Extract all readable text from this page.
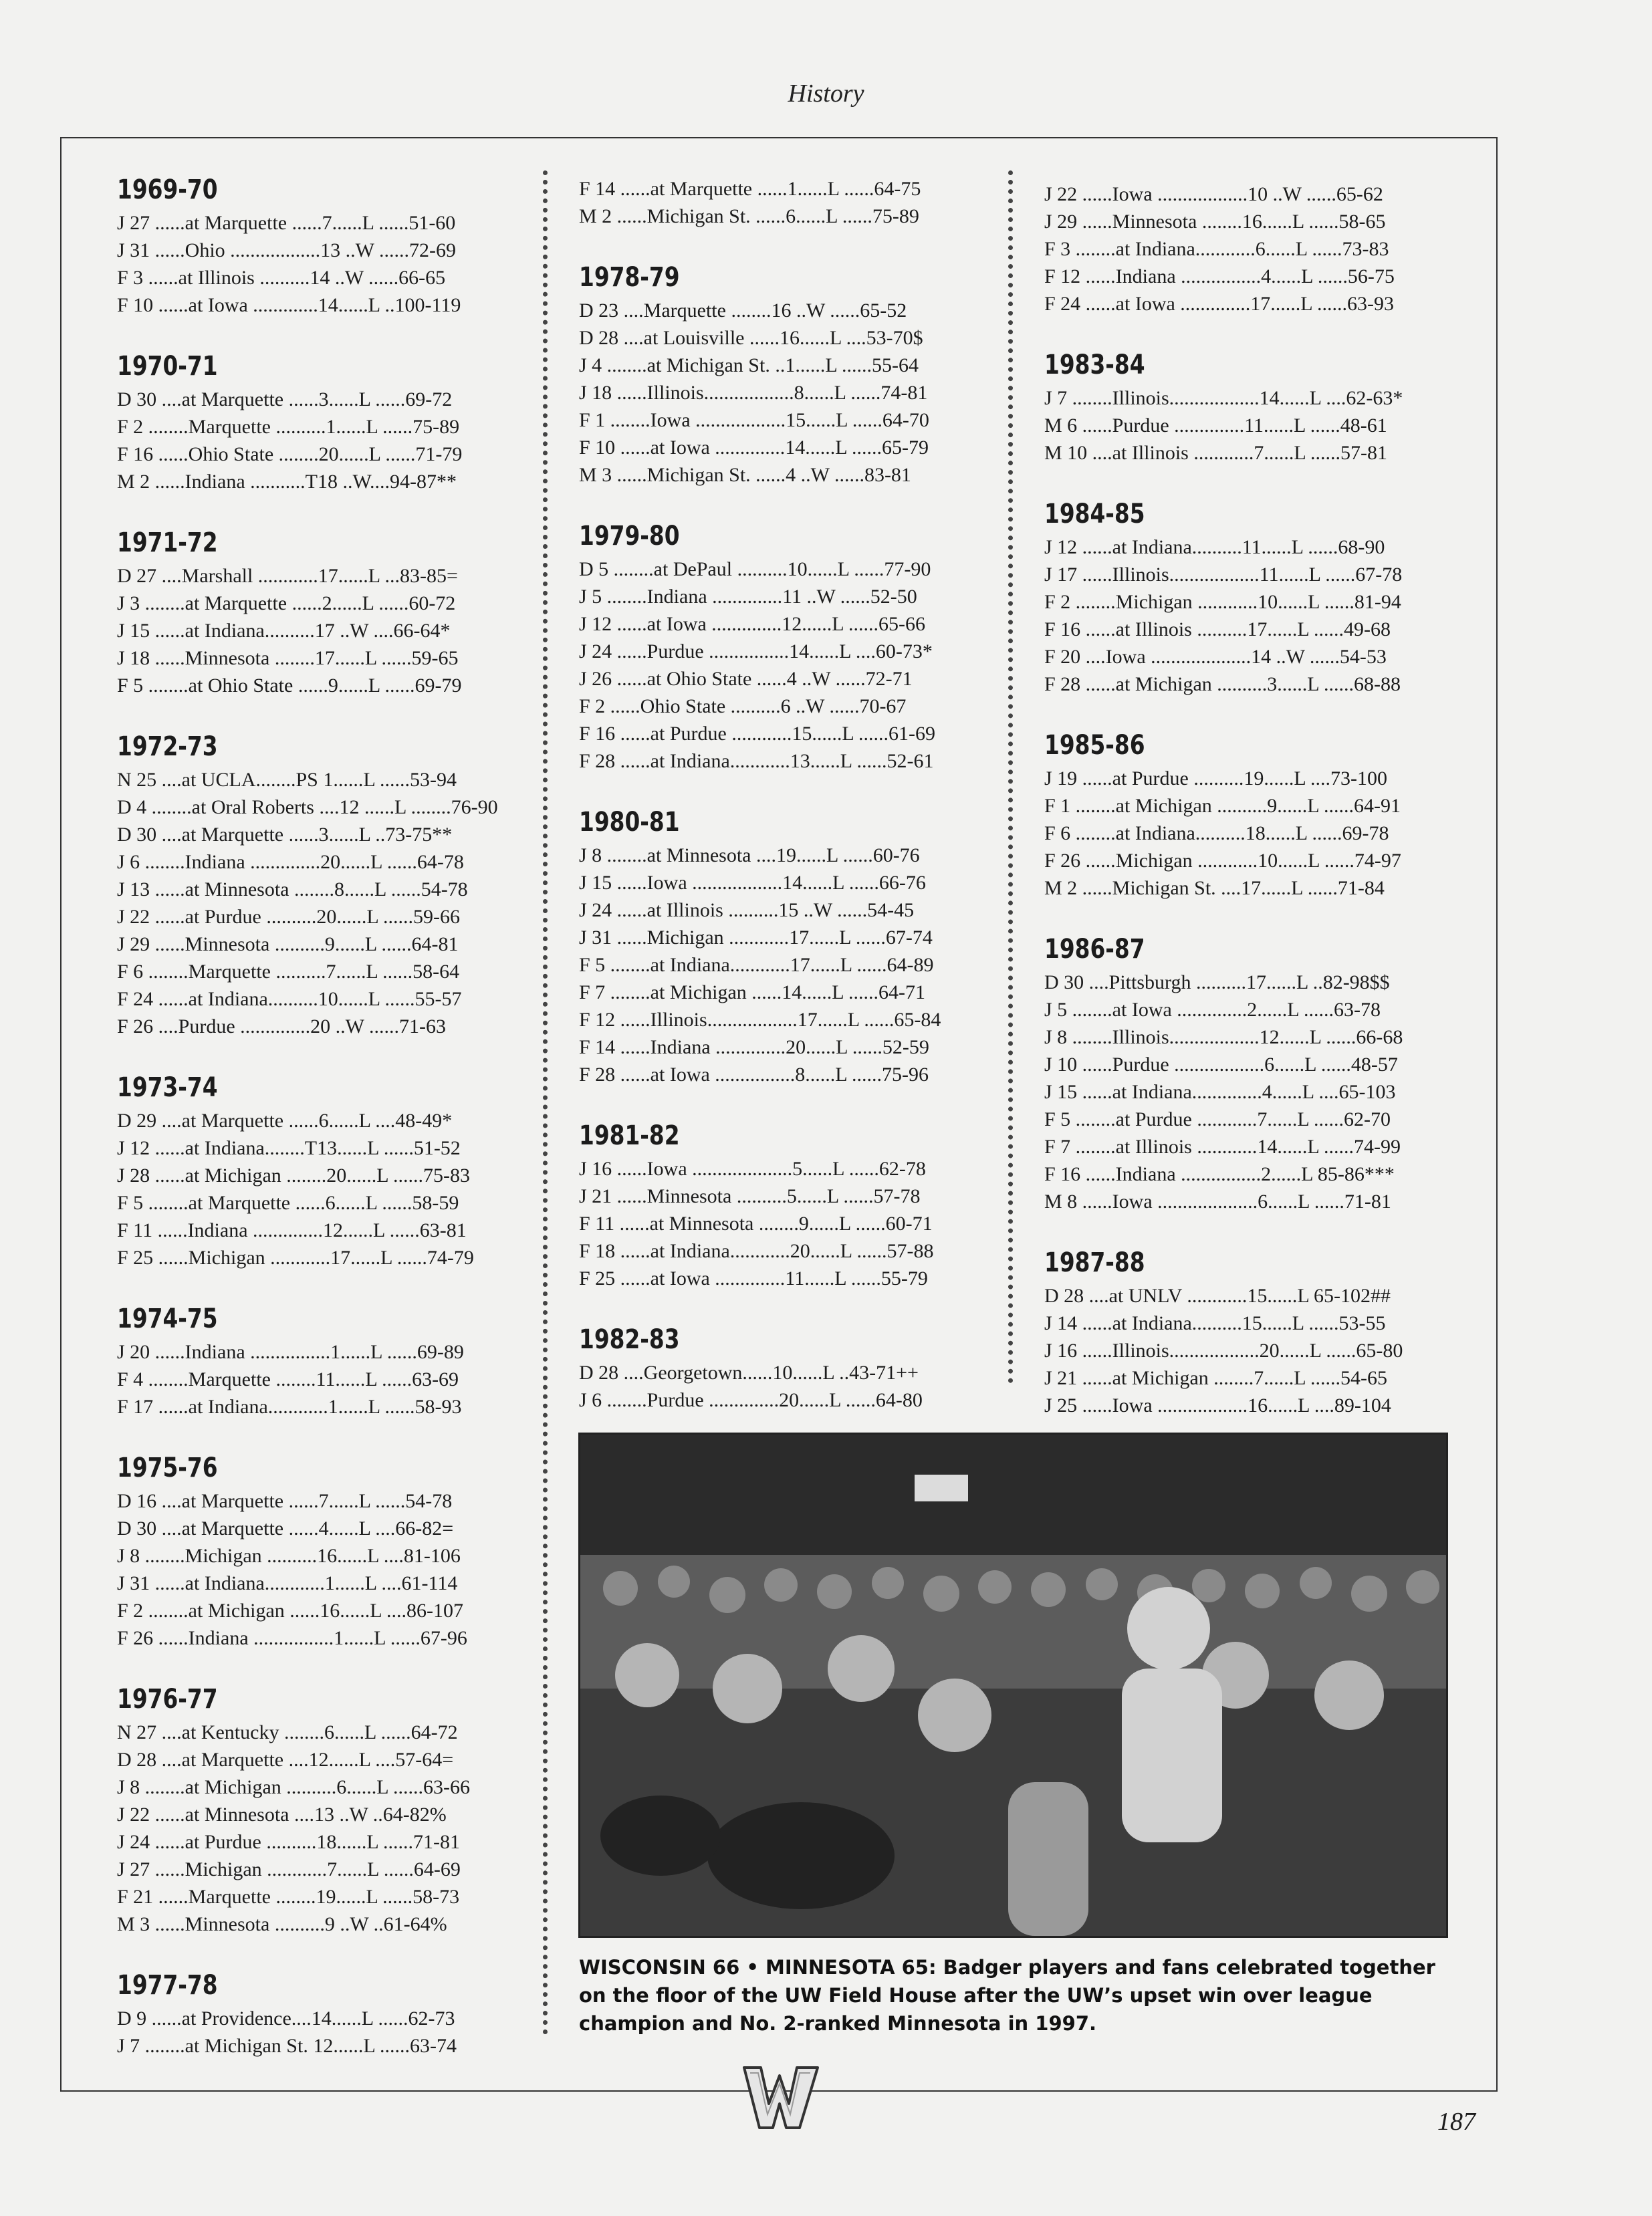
History
1969-70
J 27 ......at Marquette ......7......L ......51-60
J 31 ......Ohio ..................13 ..W ......72-69
F 3 ......at Illinois ..........14 ..W ......66-65
F 10 ......at Iowa .............14......L ..100-119
1970-71
D 30 ....at Marquette ......3......L ......69-72
F 2 ........Marquette ..........1......L ......75-89
F 16 ......Ohio State ........20......L ......71-79
M 2 ......Indiana ...........T18 ..W....94-87**
1971-72
D 27 ....Marshall ............17......L ...83-85=
J 3 ........at Marquette ......2......L ......60-72
J 15 ......at Indiana..........17 ..W ....66-64*
J 18 ......Minnesota ........17......L ......59-65
F 5 ........at Ohio State ......9......L ......69-79
1972-73
N 25 ....at UCLA........PS 1......L ......53-94
D 4 ........at Oral Roberts ....12 ......L ........76-90
D 30 ....at Marquette ......3......L ..73-75**
J 6 ........Indiana ..............20......L ......64-78
J 13 ......at Minnesota ........8......L ......54-78
J 22 ......at Purdue ..........20......L ......59-66
J 29 ......Minnesota ..........9......L ......64-81
F 6 ........Marquette ..........7......L ......58-64
F 24 ......at Indiana..........10......L ......55-57
F 26 ....Purdue ..............20 ..W ......71-63
1973-74
D 29 ....at Marquette ......6......L ....48-49*
J 12 ......at Indiana........T13......L ......51-52
J 28 ......at Michigan ........20......L ......75-83
F 5 ........at Marquette ......6......L ......58-59
F 11 ......Indiana ..............12......L ......63-81
F 25 ......Michigan ............17......L ......74-79
1974-75
J 20 ......Indiana ................1......L ......69-89
F 4 ........Marquette ........11......L ......63-69
F 17 ......at Indiana............1......L ......58-93
1975-76
D 16 ....at Marquette ......7......L ......54-78
D 30 ....at Marquette ......4......L ....66-82=
J 8 ........Michigan ..........16......L ....81-106
J 31 ......at Indiana............1......L ....61-114
F 2 ........at Michigan ......16......L ....86-107
F 26 ......Indiana ................1......L ......67-96
1976-77
N 27 ....at Kentucky ........6......L ......64-72
D 28 ....at Marquette ....12......L ....57-64=
J 8 ........at Michigan ..........6......L ......63-66
J 22 ......at Minnesota ....13 ..W ..64-82%
J 24 ......at Purdue ..........18......L ......71-81
J 27 ......Michigan ............7......L ......64-69
F 21 ......Marquette ........19......L ......58-73
M 3 ......Minnesota ..........9 ..W ..61-64%
1977-78
D 9 ......at Providence....14......L ......62-73
J 7 ........at Michigan St. 12......L ......63-74
F 14 ......at Marquette ......1......L ......64-75
M 2 ......Michigan St. ......6......L ......75-89
1978-79
D 23 ....Marquette ........16 ..W ......65-52
D 28 ....at Louisville ......16......L ....53-70$
J 4 ........at Michigan St. ..1......L ......55-64
J 18 ......Illinois..................8......L ......74-81
F 1 ........Iowa ..................15......L ......64-70
F 10 ......at Iowa ..............14......L ......65-79
M 3 ......Michigan St. ......4 ..W ......83-81
1979-80
D 5 ........at DePaul ..........10......L ......77-90
J 5 ........Indiana ..............11 ..W ......52-50
J 12 ......at Iowa ..............12......L ......65-66
J 24 ......Purdue ................14......L ....60-73*
J 26 ......at Ohio State ......4 ..W ......72-71
F 2 ......Ohio State ..........6 ..W ......70-67
F 16 ......at Purdue ............15......L ......61-69
F 28 ......at Indiana............13......L ......52-61
1980-81
J 8 ........at Minnesota ....19......L ......60-76
J 15 ......Iowa ..................14......L ......66-76
J 24 ......at Illinois ..........15 ..W ......54-45
J 31 ......Michigan ............17......L ......67-74
F 5 ........at Indiana............17......L ......64-89
F 7 ........at Michigan ......14......L ......64-71
F 12 ......Illinois..................17......L ......65-84
F 14 ......Indiana ..............20......L ......52-59
F 28 ......at Iowa ................8......L ......75-96
1981-82
J 16 ......Iowa ....................5......L ......62-78
J 21 ......Minnesota ..........5......L ......57-78
F 11 ......at Minnesota ........9......L ......60-71
F 18 ......at Indiana............20......L ......57-88
F 25 ......at Iowa ..............11......L ......55-79
1982-83
D 28 ....Georgetown......10......L ..43-71++
J 6 ........Purdue ..............20......L ......64-80
J 22 ......Iowa ..................10 ..W ......65-62
J 29 ......Minnesota ........16......L ......58-65
F 3 ........at Indiana............6......L ......73-83
F 12 ......Indiana ................4......L ......56-75
F 24 ......at Iowa ..............17......L ......63-93
1983-84
J 7 ........Illinois..................14......L ....62-63*
M 6 ......Purdue ..............11......L ......48-61
M 10 ....at Illinois ............7......L ......57-81
1984-85
J 12 ......at Indiana..........11......L ......68-90
J 17 ......Illinois..................11......L ......67-78
F 2 ........Michigan ............10......L ......81-94
F 16 ......at Illinois ..........17......L ......49-68
F 20 ....Iowa ....................14 ..W ......54-53
F 28 ......at Michigan ..........3......L ......68-88
1985-86
J 19 ......at Purdue ..........19......L ....73-100
F 1 ........at Michigan ..........9......L ......64-91
F 6 ........at Indiana..........18......L ......69-78
F 26 ......Michigan ............10......L ......74-97
M 2 ......Michigan St. ....17......L ......71-84
1986-87
D 30 ....Pittsburgh ..........17......L ..82-98$$
J 5 ........at Iowa ..............2......L ......63-78
J 8 ........Illinois..................12......L ......66-68
J 10 ......Purdue ..................6......L ......48-57
J 15 ......at Indiana..............4......L ....65-103
F 5 ........at Purdue ............7......L ......62-70
F 7 ........at Illinois ............14......L ......74-99
F 16 ......Indiana ................2......L 85-86***
M 8 ......Iowa ....................6......L ......71-81
1987-88
D 28 ....at UNLV ............15......L 65-102##
J 14 ......at Indiana..........15......L ......53-55
J 16 ......Illinois..................20......L ......65-80
J 21 ......at Michigan ........7......L ......54-65
J 25 ......Iowa ..................16......L ....89-104
WISCONSIN 66 • MINNESOTA 65: Badger players and fans celebrated together on the floor of the UW Field House after the UW’s upset win over league champion and No. 2-ranked Minnesota in 1997.
187
